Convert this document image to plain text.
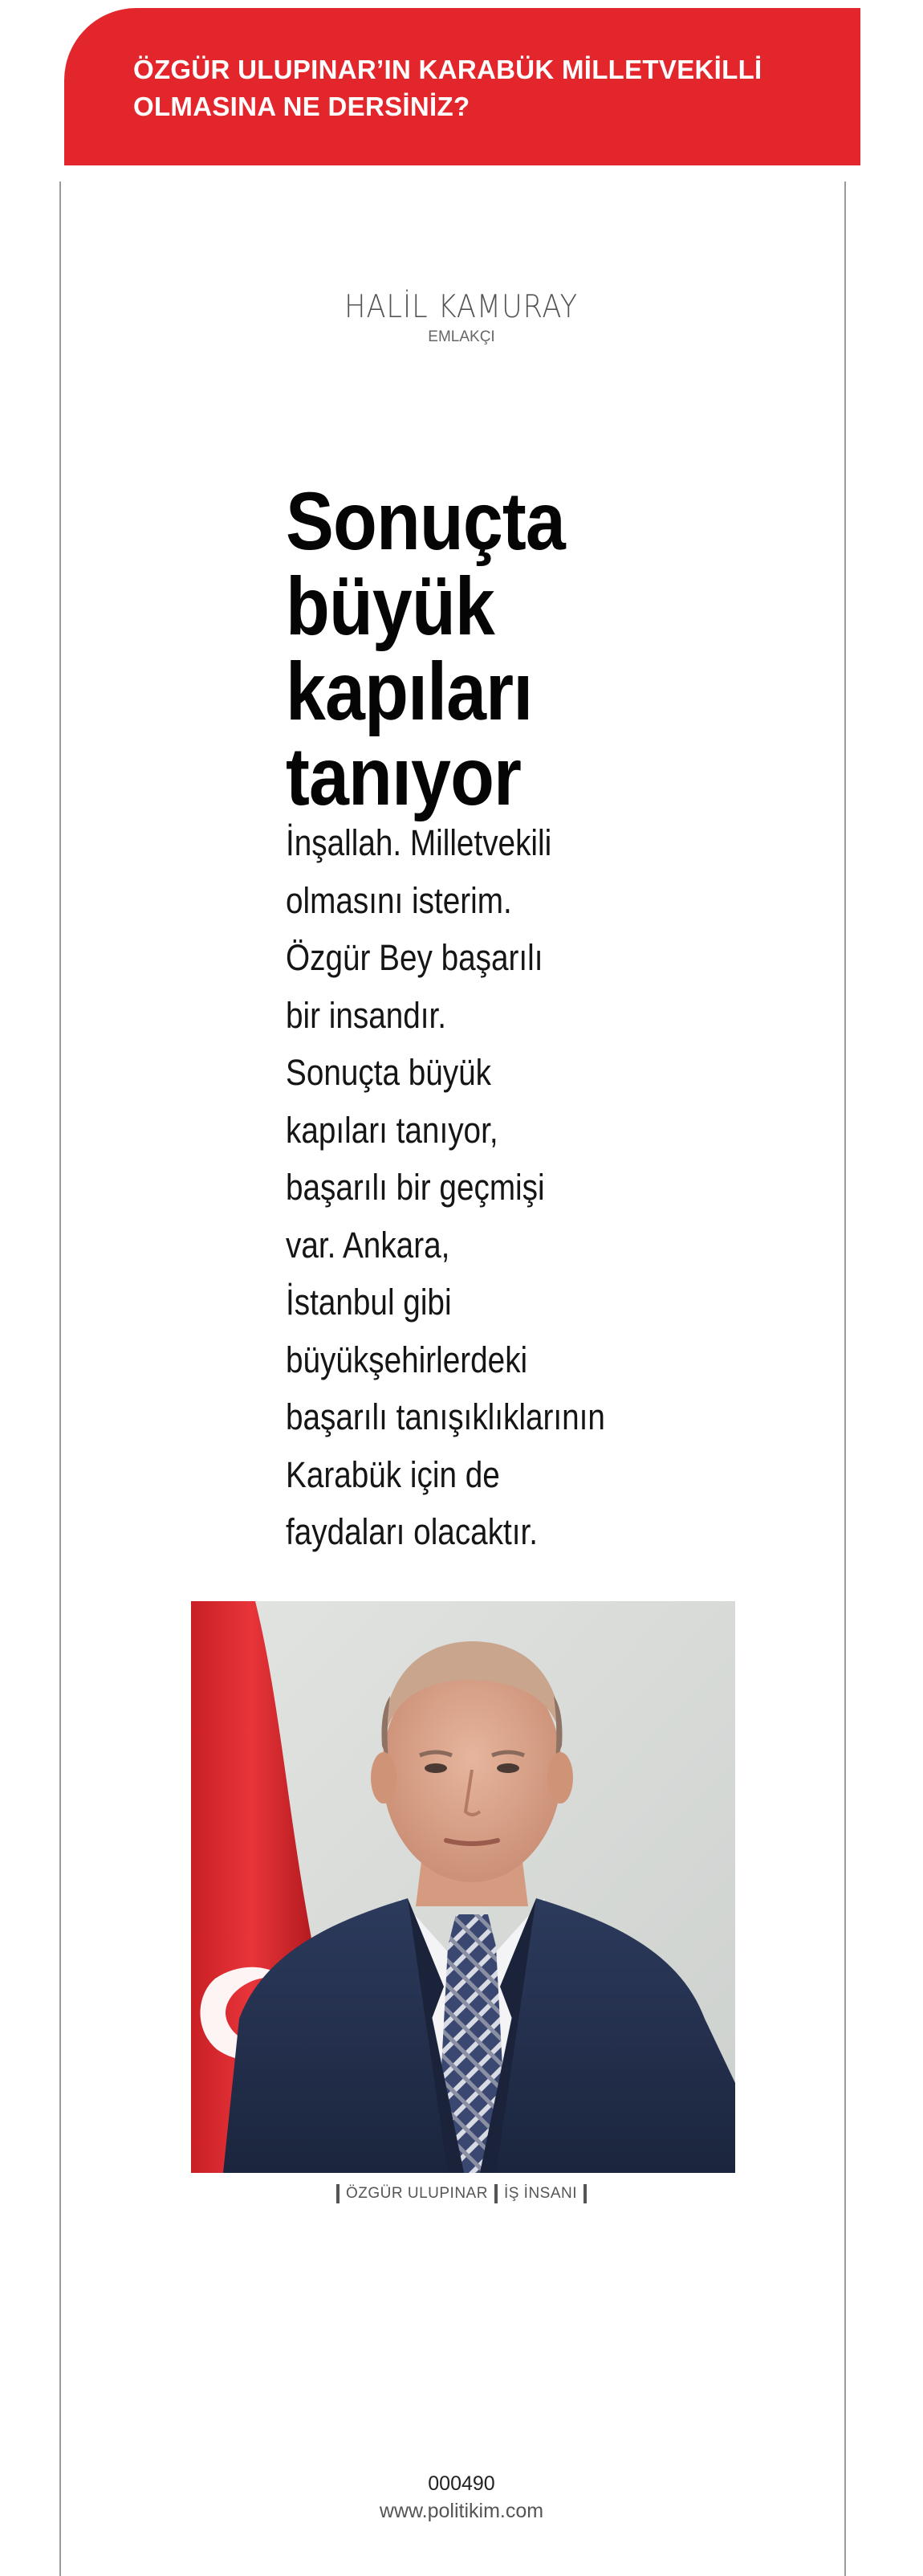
ÖZGÜR ULUPINAR’IN KARABÜK MİLLETVEKİLLİ OLMASINA NE DERSİNİZ?

HALİL KAMURAY
EMLAKÇI
Sonuçta büyük kapıları tanıyor
İnşallah. Milletvekili
olmasını isterim.
Özgür Bey başarılı
bir insandır.
Sonuçta büyük
kapıları tanıyor,
başarılı bir geçmişi
var. Ankara,
İstanbul gibi
büyükşehirlerdeki
başarılı tanışıklıklarının
Karabük için de
faydaları olacaktır.
ÖZGÜR ULUPINAR İŞ İNSANI
000490
www.politikim.com
